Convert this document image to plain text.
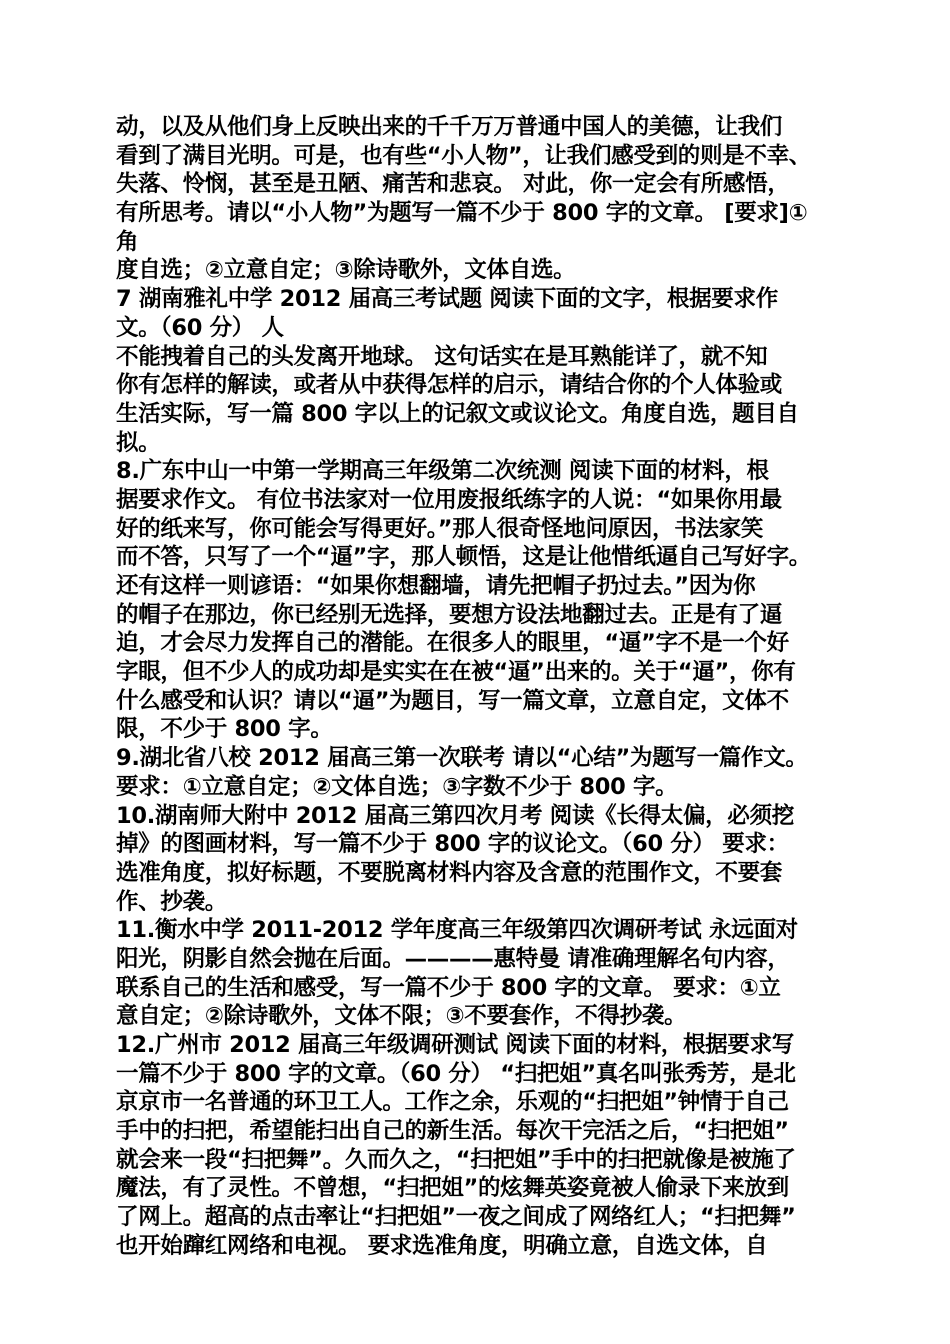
动，以及从他们身上反映出来的千千万万普通中国人的美德，让我们
看到了满目光明。可是，也有些“小人物”，让我们感受到的则是不幸、
失落、怜悯，甚至是丑陋、痛苦和悲哀。 对此，你一定会有所感悟，
有所思考。请以“小人物”为题写一篇不少于 800 字的文章。 [要求]①
角
度自选；②立意自定；③除诗歌外，文体自选。
7 湖南雅礼中学 2012 届高三考试题 阅读下面的文字，根据要求作
文。（60 分） 人
不能拽着自己的头发离开地球。 这句话实在是耳熟能详了，就不知
你有怎样的解读，或者从中获得怎样的启示，请结合你的个人体验或
生活实际，写一篇 800 字以上的记叙文或议论文。角度自选，题目自
拟。
8.广东中山一中第一学期高三年级第二次统测 阅读下面的材料，根
据要求作文。 有位书法家对一位用废报纸练字的人说：“如果你用最
好的纸来写，你可能会写得更好。”那人很奇怪地问原因，书法家笑
而不答，只写了一个“逼”字，那人顿悟，这是让他惜纸逼自己写好字。
还有这样一则谚语：“如果你想翻墙，请先把帽子扔过去。”因为你
的帽子在那边，你已经别无选择，要想方设法地翻过去。正是有了逼
迫，才会尽力发挥自己的潜能。在很多人的眼里，“逼”字不是一个好
字眼，但不少人的成功却是实实在在被“逼”出来的。关于“逼”，你有
什么感受和认识？请以“逼”为题目，写一篇文章，立意自定，文体不
限，不少于 800 字。
9.湖北省八校 2012 届高三第一次联考 请以“心结”为题写一篇作文。
要求：①立意自定；②文体自选；③字数不少于 800 字。
10.湖南师大附中 2012 届高三第四次月考 阅读《长得太偏，必须挖
掉》的图画材料，写一篇不少于 800 字的议论文。（60 分） 要求：
选准角度，拟好标题，不要脱离材料内容及含意的范围作文，不要套
作、抄袭。
11.衡水中学 2011-2012 学年度高三年级第四次调研考试 永远面对
阳光，阴影自然会抛在后面。————惠特曼 请准确理解名句内容，
联系自己的生活和感受，写一篇不少于 800 字的文章。 要求：①立
意自定；②除诗歌外，文体不限；③不要套作，不得抄袭。
12.广州市 2012 届高三年级调研测试 阅读下面的材料，根据要求写
一篇不少于 800 字的文章。（60 分） “扫把姐”真名叫张秀芳，是北
京京市一名普通的环卫工人。工作之余，乐观的“扫把姐”钟情于自己
手中的扫把，希望能扫出自己的新生活。每次干完活之后，“扫把姐”
就会来一段“扫把舞”。久而久之，“扫把姐”手中的扫把就像是被施了
魔法，有了灵性。不曾想，“扫把姐”的炫舞英姿竟被人偷录下来放到
了网上。超高的点击率让“扫把姐”一夜之间成了网络红人；“扫把舞”
也开始蹿红网络和电视。 要求选准角度，明确立意，自选文体，自
